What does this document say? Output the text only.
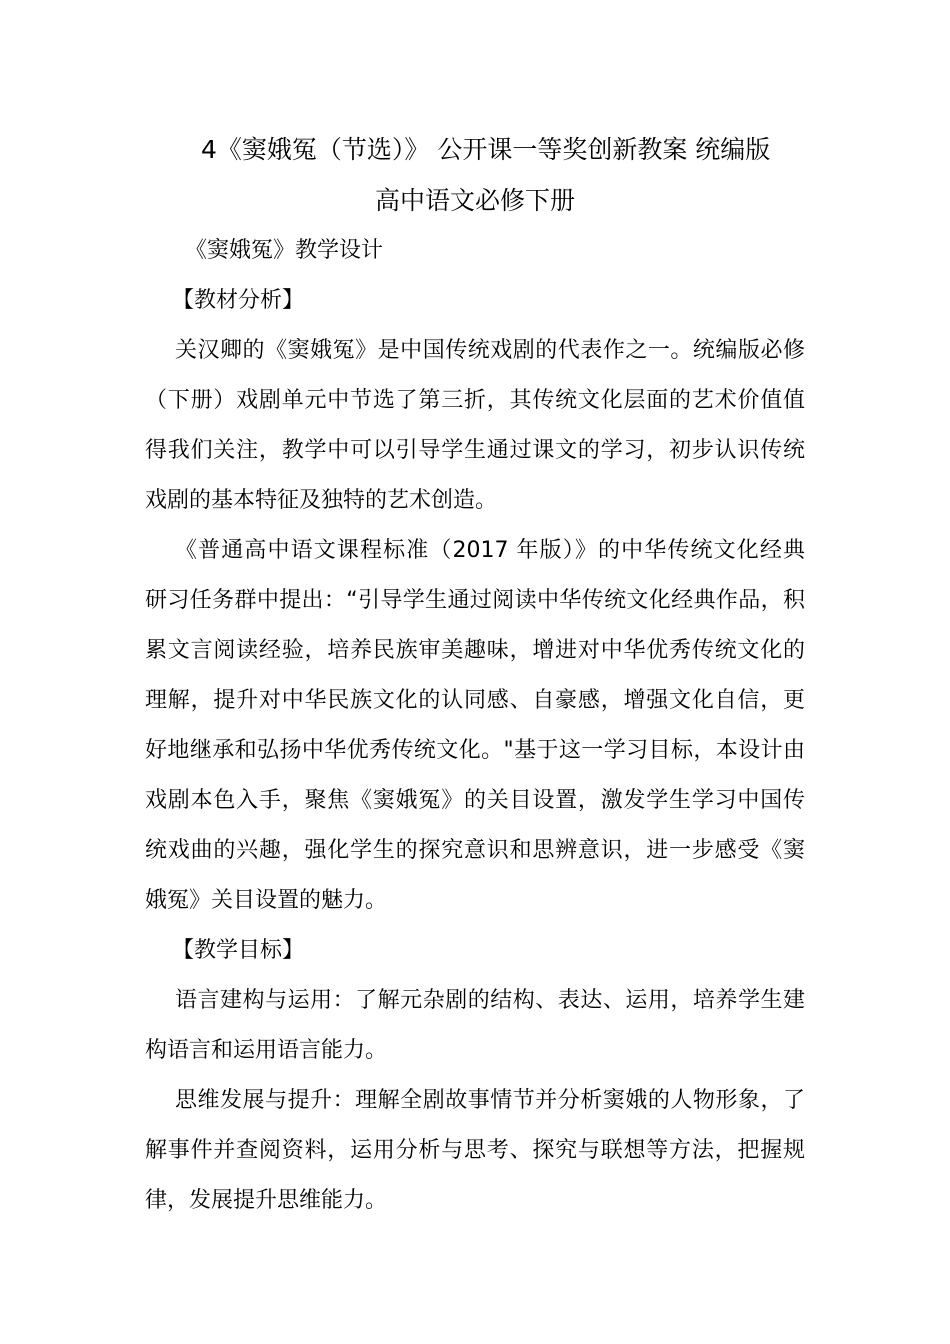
4《窦娥冤（节选）》 公开课一等奖创新教案 统编版
高中语文必修下册
《窦娥冤》教学设计
【教材分析】
关汉卿的《窦娥冤》是中国传统戏剧的代表作之一。统编版必修
（下册）戏剧单元中节选了第三折，其传统文化层面的艺术价值值
得我们关注，教学中可以引导学生通过课文的学习，初步认识传统
戏剧的基本特征及独特的艺术创造。
《普通高中语文课程标准（2017 年版）》的中华传统文化经典
研习任务群中提出：“引导学生通过阅读中华传统文化经典作品，积
累文言阅读经验，培养民族审美趣味，增进对中华优秀传统文化的
理解，提升对中华民族文化的认同感、自豪感，增强文化自信，更
好地继承和弘扬中华优秀传统文化。"基于这一学习目标，本设计由
戏剧本色入手，聚焦《窦娥冤》的关目设置，激发学生学习中国传
统戏曲的兴趣，强化学生的探究意识和思辨意识，进一步感受《窦
娥冤》关目设置的魅力。
【教学目标】
语言建构与运用：了解元杂剧的结构、表达、运用，培养学生建
构语言和运用语言能力。
思维发展与提升：理解全剧故事情节并分析窦娥的人物形象，了
解事件并查阅资料，运用分析与思考、探究与联想等方法，把握规
律，发展提升思维能力。
